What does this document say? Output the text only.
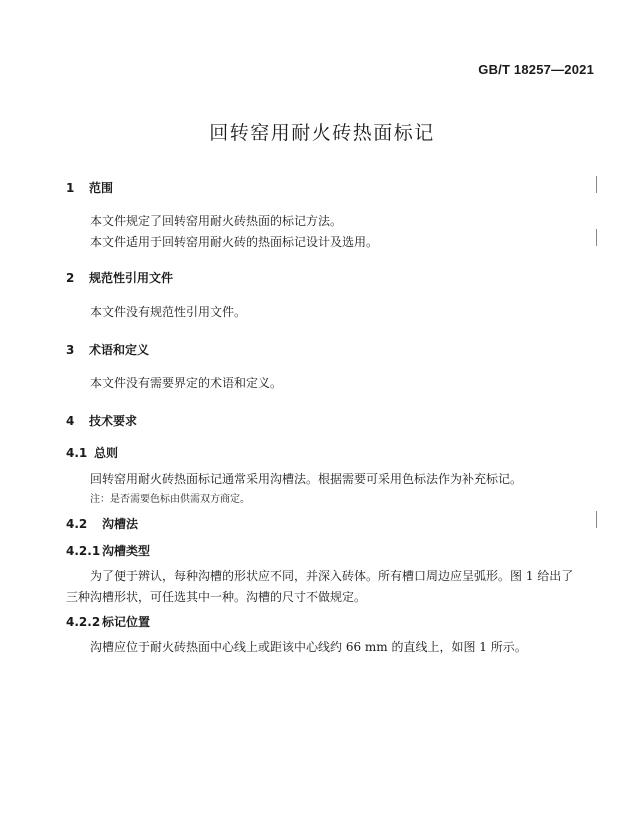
GB/T 18257—2021
回转窑用耐火砖热面标记
1 范围
本文件规定了回转窑用耐火砖热面的标记方法。
本文件适用于回转窑用耐火砖的热面标记设计及选用。
2 规范性引用文件
本文件没有规范性引用文件。
3 术语和定义
本文件没有需要界定的术语和定义。
4 技术要求
4.1 总则
回转窑用耐火砖热面标记通常采用沟槽法。根据需要可采用色标法作为补充标记。
注：是否需要色标由供需双方商定。
4.2 沟槽法
4.2.1 沟槽类型
为了便于辨认，每种沟槽的形状应不同，并深入砖体。所有槽口周边应呈弧形。图 1 给出了三种沟槽形状，可任选其中一种。沟槽的尺寸不做规定。
4.2.2 标记位置
沟槽应位于耐火砖热面中心线上或距该中心线约 66 mm 的直线上，如图 1 所示。
